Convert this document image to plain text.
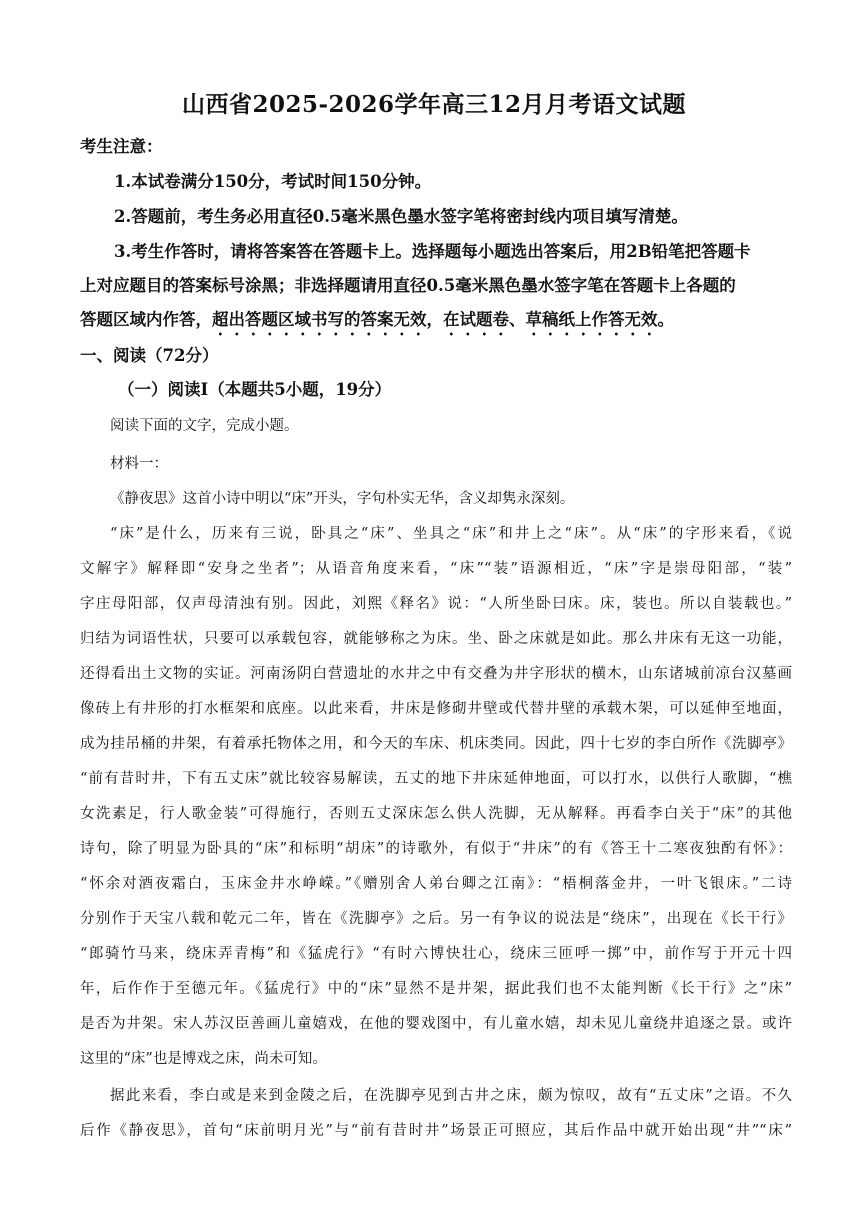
山西省2025-2026学年高三12月月考语文试题
考生注意：
1.本试卷满分150分，考试时间150分钟。
2.答题前，考生务必用直径0.5毫米黑色墨水签字笔将密封线内项目填写清楚。
3.考生作答时，请将答案答在答题卡上。选择题每小题选出答案后，用2B铅笔把答题卡
上对应题目的答案标号涂黑；非选择题请用直径0.5毫米黑色墨水签字笔在答题卡上各题的
答题区域内作答，超出答题区域书写的答案无效，在试题卷、草稿纸上作答无效。
一、阅读（72分）
（一）阅读Ⅰ（本题共5小题，19分）
阅读下面的文字，完成小题。
材料一：
《静夜思》这首小诗中明以“床”开头，字句朴实无华，含义却隽永深刻。
“床”是什么，历来有三说，卧具之“床”、坐具之“床”和井上之“床”。从“床”的字形来看，《说
文解字》解释即“安身之坐者”；从语音角度来看，“床”“装”语源相近，“床”字是崇母阳部，“装”
字庄母阳部，仅声母清浊有别。因此，刘熙《释名》说：“人所坐卧曰床。床，装也。所以自装载也。”
归结为词语性状，只要可以承载包容，就能够称之为床。坐、卧之床就是如此。那么井床有无这一功能，
还得看出土文物的实证。河南汤阴白营遗址的水井之中有交叠为井字形状的横木，山东诸城前凉台汉墓画
像砖上有井形的打水框架和底座。以此来看，井床是修砌井壁或代替井壁的承载木架，可以延伸至地面，
成为挂吊桶的井架，有着承托物体之用，和今天的车床、机床类同。因此，四十七岁的李白所作《洗脚亭》
“前有昔时井，下有五丈床”就比较容易解读，五丈的地下井床延伸地面，可以打水，以供行人歌脚，“樵
女洗素足，行人歌金装”可得施行，否则五丈深床怎么供人洗脚，无从解释。再看李白关于“床”的其他
诗句，除了明显为卧具的“床”和标明“胡床”的诗歌外，有似于“井床”的有《答王十二寒夜独酌有怀》：
“怀余对酒夜霜白，玉床金井水峥嵘。”《赠别舍人弟台卿之江南》：“梧桐落金井，一叶飞银床。”二诗
分别作于天宝八载和乾元二年，皆在《洗脚亭》之后。另一有争议的说法是“绕床”，出现在《长干行》
“郎骑竹马来，绕床弄青梅”和《猛虎行》“有时六博快壮心，绕床三匝呼一掷”中，前作写于开元十四
年，后作作于至德元年。《猛虎行》中的“床”显然不是井架，据此我们也不太能判断《长干行》之“床”
是否为井架。宋人苏汉臣善画儿童嬉戏，在他的婴戏图中，有儿童水嬉，却未见儿童绕井追逐之景。或许
这里的“床”也是博戏之床，尚未可知。
据此来看，李白或是来到金陵之后，在洗脚亭见到古井之床，颇为惊叹，故有“五丈床”之语。不久
后作《静夜思》，首句“床前明月光”与“前有昔时井”场景正可照应，其后作品中就开始出现“井”“床”
